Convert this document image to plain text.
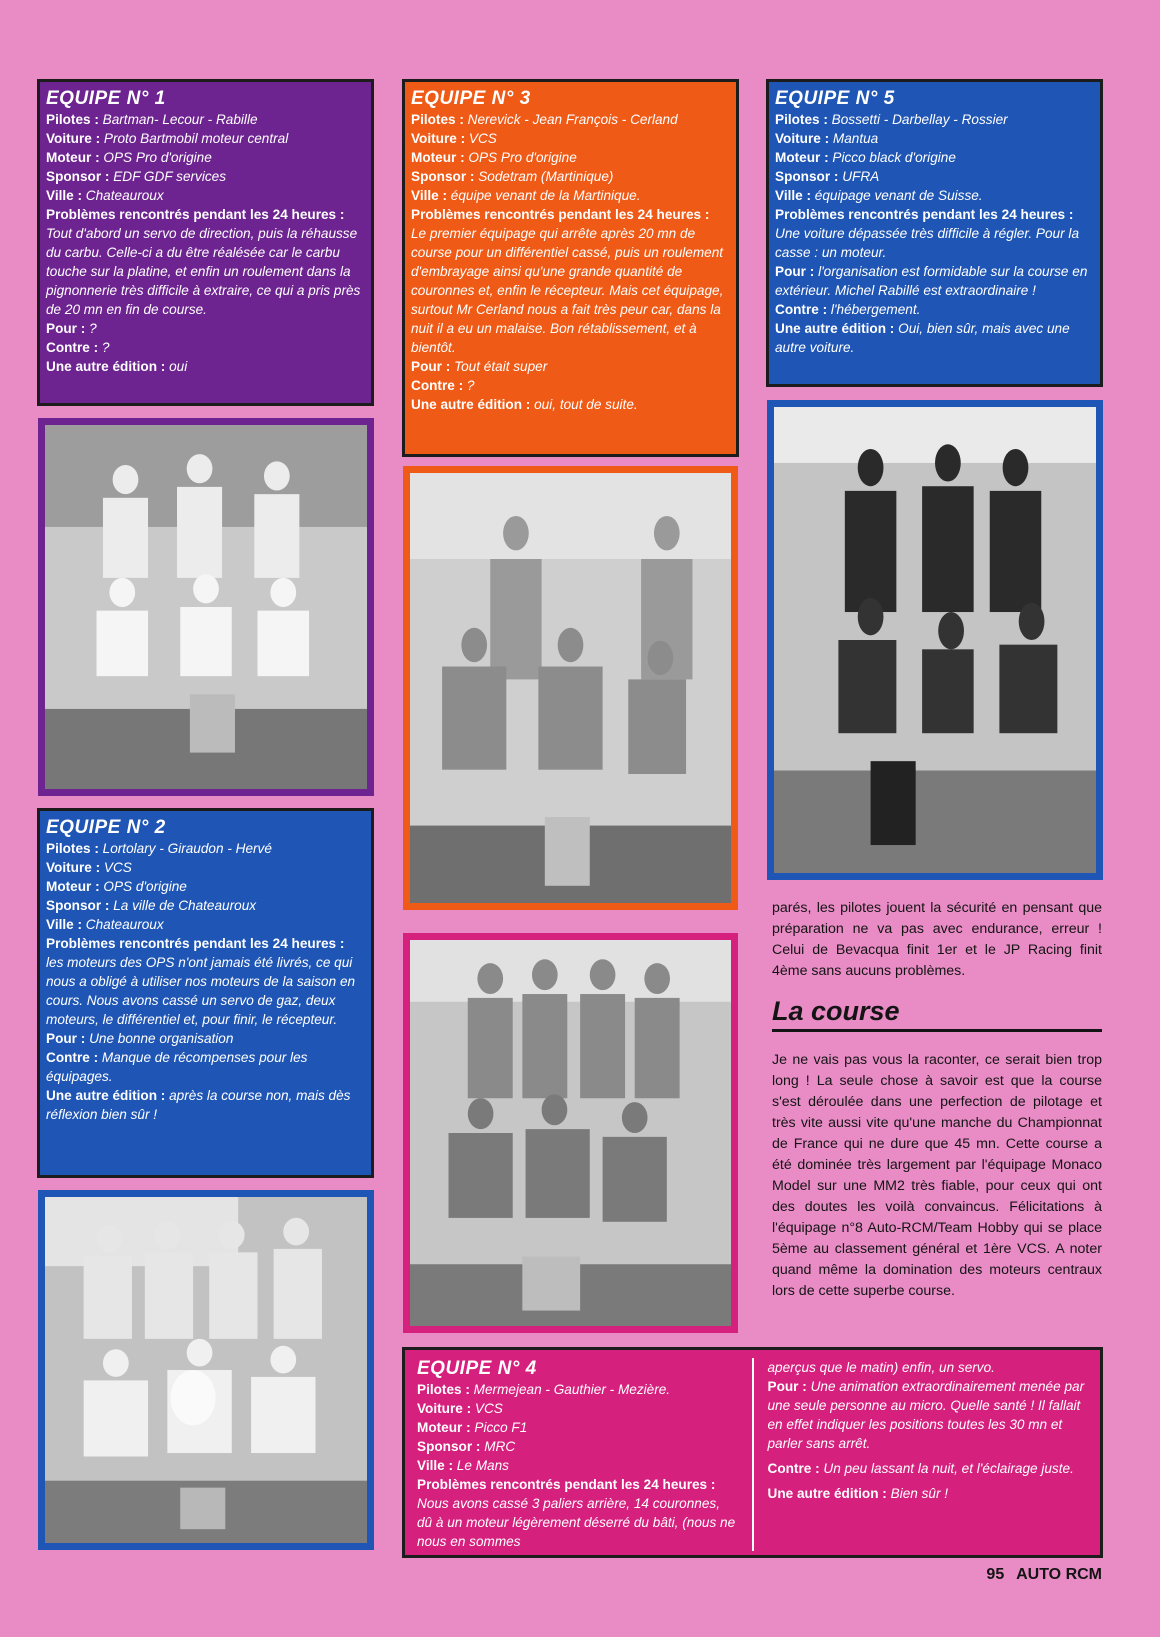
EQUIPE N° 1

Pilotes : Bartman- Lecour - Rabille

Voiture : Proto Bartmobil moteur central

Moteur : OPS Pro d'origine

Sponsor : EDF GDF services

Ville : Chateauroux

Problèmes rencontrés pendant les 24 heures : Tout d'abord un servo de direction, puis la réhausse du carbu. Celle-ci a du être réalésée car le carbu touche sur la platine, et enfin un roulement dans la pignonnerie très difficile à extraire, ce qui a pris près de 20 mn en fin de course.

Pour : ?

Contre : ?

Une autre édition : oui

EQUIPE N° 3

Pilotes : Nerevick - Jean François - Cerland

Voiture : VCS

Moteur : OPS Pro d'origine

Sponsor : Sodetram (Martinique)

Ville : équipe venant de la Martinique.

Problèmes rencontrés pendant les 24 heures : Le premier équipage qui arrête après 20 mn de course pour un différentiel cassé, puis un roulement d'embrayage ainsi qu'une grande quantité de couronnes et, enfin le récepteur. Mais cet équipage, surtout Mr Cerland nous a fait très peur car, dans la nuit il a eu un malaise. Bon rétablissement, et à bientôt.

Pour : Tout était super

Contre : ?

Une autre édition : oui, tout de suite.

EQUIPE N° 5

Pilotes : Bossetti - Darbellay - Rossier

Voiture : Mantua

Moteur : Picco black d'origine

Sponsor : UFRA

Ville : équipage venant de Suisse.

Problèmes rencontrés pendant les 24 heures : Une voiture dépassée très difficile à régler. Pour la casse : un moteur.

Pour : l'organisation est formidable sur la course en extérieur. Michel Rabillé est extraordinaire !

Contre : l'hébergement.

Une autre édition : Oui, bien sûr, mais avec une autre voiture.

EQUIPE N° 2

Pilotes : Lortolary - Giraudon - Hervé

Voiture : VCS

Moteur : OPS d'origine

Sponsor : La ville de Chateauroux

Ville : Chateauroux

Problèmes rencontrés pendant les 24 heures : les moteurs des OPS n'ont jamais été livrés, ce qui nous a obligé à utiliser nos moteurs de la saison en cours. Nous avons cassé un servo de gaz, deux moteurs, le différentiel et, pour finir, le récepteur.

Pour : Une bonne organisation

Contre : Manque de récompenses pour les équipages.

Une autre édition : après la course non, mais dès réflexion bien sûr !

parés, les pilotes jouent la sécurité en pensant que préparation ne va pas avec endurance, erreur ! Celui de Bevacqua finit 1er et le JP Racing finit 4ème sans aucuns problèmes.

La course

Je ne vais pas vous la raconter, ce serait bien trop long ! La seule chose à savoir est que la course s'est déroulée dans une perfection de pilotage et très vite aussi vite qu'une manche du Championnat de France qui ne dure que 45 mn. Cette course a été dominée très largement par l'équipage Monaco Model sur une MM2 très fiable, pour ceux qui ont des doutes les voilà convaincus. Félicitations à l'équipage n°8 Auto-RCM/Team Hobby qui se place 5ème au classement général et 1ère VCS. A noter quand même la domination des moteurs centraux lors de cette superbe course.

EQUIPE N° 4

Pilotes : Mermejean - Gauthier - Mezière.

Voiture : VCS

Moteur : Picco F1

Sponsor : MRC

Ville : Le Mans

Problèmes rencontrés pendant les 24 heures : Nous avons cassé 3 paliers arrière, 14 couronnes, dû à un moteur légèrement déserré du bâti, (nous ne nous en sommes

aperçus que le matin) enfin, un servo.

Pour : Une animation extraordinairement menée par une seule personne au micro. Quelle santé ! Il fallait en effet indiquer les positions toutes les 30 mn et parler sans arrêt.

Contre : Un peu lassant la nuit, et l'éclairage juste.

Une autre édition : Bien sûr !

95 AUTO RCM
